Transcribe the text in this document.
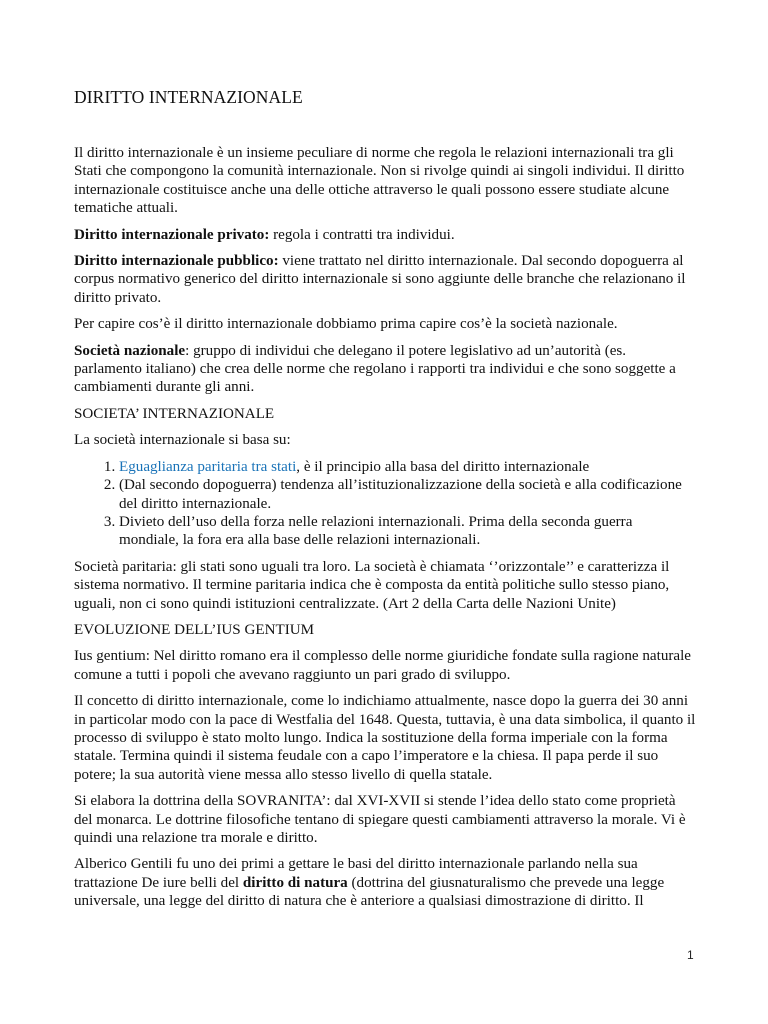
DIRITTO INTERNAZIONALE

Il diritto internazionale è un insieme peculiare di norme che regola le relazioni internazionali tra gli Stati che compongono la comunità internazionale. Non si rivolge quindi ai singoli individui. Il diritto internazionale costituisce anche una delle ottiche attraverso le quali possono essere studiate alcune tematiche attuali.

Diritto internazionale privato: regola i contratti tra individui.

Diritto internazionale pubblico: viene trattato nel diritto internazionale. Dal secondo dopoguerra al corpus normativo generico del diritto internazionale si sono aggiunte delle branche che relazionano il diritto privato.

Per capire cos’è il diritto internazionale dobbiamo prima capire cos’è la società nazionale.

Società nazionale: gruppo di individui che delegano il potere legislativo ad un’autorità (es. parlamento italiano) che crea delle norme che regolano i rapporti tra individui e che sono soggette a cambiamenti durante gli anni.

SOCIETA’ INTERNAZIONALE

La società internazionale si basa su:

1. Eguaglianza paritaria tra stati, è il principio alla basa del diritto internazionale
2. (Dal secondo dopoguerra) tendenza all’istituzionalizzazione della società e alla codificazione del diritto internazionale.
3. Divieto dell’uso della forza nelle relazioni internazionali. Prima della seconda guerra mondiale, la fora era alla base delle relazioni internazionali.

Società paritaria: gli stati sono uguali tra loro. La società è chiamata ‘’orizzontale’’ e caratterizza il sistema normativo. Il termine paritaria indica che è composta da entità politiche sullo stesso piano, uguali, non ci sono quindi istituzioni centralizzate. (Art 2 della Carta delle Nazioni Unite)

EVOLUZIONE DELL’IUS GENTIUM

Ius gentium: Nel diritto romano era il complesso delle norme giuridiche fondate sulla ragione naturale comune a tutti i popoli che avevano raggiunto un pari grado di sviluppo.

Il concetto di diritto internazionale, come lo indichiamo attualmente, nasce dopo la guerra dei 30 anni in particolar modo con la pace di Westfalia del 1648. Questa, tuttavia, è una data simbolica, il quanto il processo di sviluppo è stato molto lungo. Indica la sostituzione della forma imperiale con la forma statale. Termina quindi il sistema feudale con a capo l’imperatore e la chiesa. Il papa perde il suo potere; la sua autorità viene messa allo stesso livello di quella statale.

Si elabora la dottrina della SOVRANITA’: dal XVI-XVII si stende l’idea dello stato come proprietà del monarca. Le dottrine filosofiche tentano di spiegare questi cambiamenti attraverso la morale. Vi è quindi una relazione tra morale e diritto.

Alberico Gentili fu uno dei primi a gettare le basi del diritto internazionale parlando nella sua trattazione De iure belli del diritto di natura (dottrina del giusnaturalismo che prevede una legge universale, una legge del diritto di natura che è anteriore a qualsiasi dimostrazione di diritto. Il

1
